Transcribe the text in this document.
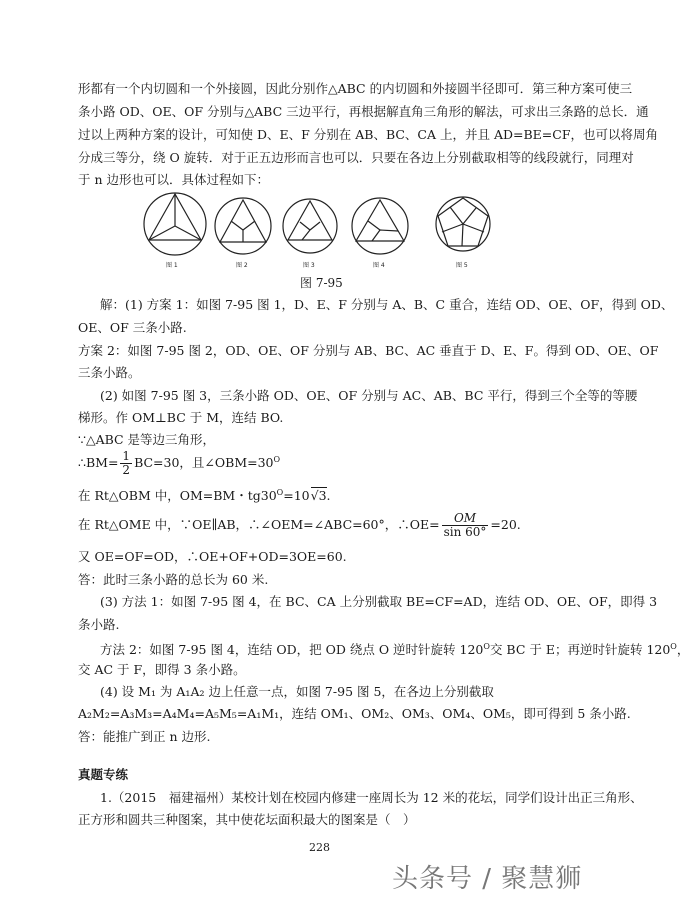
形都有一个内切圆和一个外接圆，因此分别作△ABC 的内切圆和外接圆半径即可．第三种方案可使三
条小路 OD、OE、OF 分别与△ABC 三边平行，再根据解直角三角形的解法，可求出三条路的总长．通
过以上两种方案的设计，可知使 D、E、F 分别在 AB、BC、CA 上，并且 AD=BE=CF，也可以将周角
分成三等分，绕 O 旋转．对于正五边形而言也可以．只要在各边上分别截取相等的线段就行，同理对
于 n 边形也可以．具体过程如下：
图 1	图 2	图 3	图 4	图 5
图 7-95
解：(1) 方案 1：如图 7-95 图 1，D、E、F 分别与 A、B、C 重合，连结 OD、OE、OF，得到 OD、
OE、OF 三条小路.
方案 2：如图 7-95 图 2，OD、OE、OF 分别与 AB、BC、AC 垂直于 D、E、F。得到 OD、OE、OF
三条小路。
(2) 如图 7-95 图 3，三条小路 OD、OE、OF 分别与 AC、AB、BC 平行，得到三个全等的等腰
梯形。作 OM⊥BC 于 M，连结 BO.
∵△ABC 是等边三角形，
∴BM= $\frac{1}{2} BC=30$，且$\angle OBM=30^O$
在 Rt△OBM 中，OM=BM・$tg30^O=10√3$.
在 Rt△OME 中，∵OE∥AB，∴∠OEM=∠ABC=60°，∴OE= $\frac{OM}{\sin 60^\circ} =20$.
又 OE=OF=OD，∴OE+OF+OD=3OE=60.
答：此时三条小路的总长为 60 米.
(3) 方法 1：如图 7-95 图 4，在 BC、CA 上分别截取 BE=CF=AD，连结 OD、OE、OF，即得 3
条小路.
方法 2：如图 7-95 图 4，连结 OD，把 OD 绕点 O 逆时针旋转 $120^O$交 BC 于 E；再逆时针旋转 $120^O$，
交 AC 于 F，即得 3 条小路。
(4) 设 M₁ 为 A₁A₂ 边上任意一点，如图 7-95 图 5，在各边上分别截取
A₂M₂=A₃M₃=A₄M₄=A₅M₅=A₁M₁，连结 OM₁、OM₂、OM₃、OM₄、OM₅，即可得到 5 条小路.
答：能推广到正 n 边形.
真题专练
1.（2015　福建福州）某校计划在校园内修建一座周长为 12 米的花坛，同学们设计出正三角形、
正方形和圆共三种图案，其中使花坛面积最大的图案是（　）
228
头条号 / 聚慧狮
